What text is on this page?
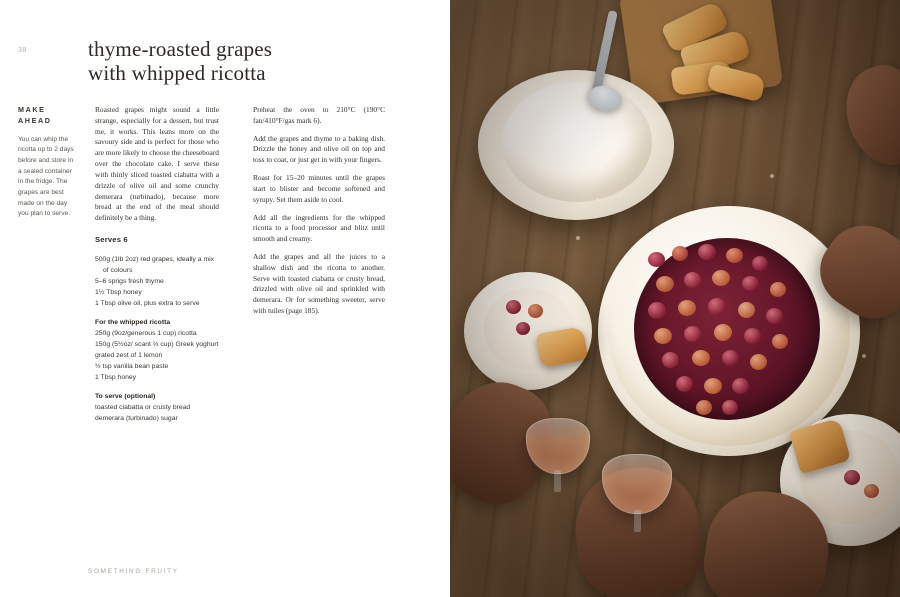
38	thyme-roasted grapes
with whipped ricotta
MAKE
AHEAD
You can whip the ricotta up to 2 days before and store in a sealed container in the fridge. The grapes are best made on the day you plan to serve.

Roasted grapes might sound a little strange, especially for a dessert, but trust me, it works. This leans more on the savoury side and is perfect for those who are more likely to choose the cheeseboard over the chocolate cake. I serve these with thinly sliced toasted ciabatta with a drizzle of olive oil and some crunchy demerara (turbinado), because more bread at the end of the meal should definitely be a thing.

Serves 6
500g (1lb 2oz) red grapes, ideally a mix
of colours
5–6 sprigs fresh thyme
1½ Tbsp honey
1 Tbsp olive oil, plus extra to serve
For the whipped ricotta
250g (9oz/generous 1 cup) ricotta
150g (5½oz/ scant ⅔ cup) Greek yoghurt
grated zest of 1 lemon
½ tsp vanilla bean paste
1 Tbsp honey
To serve (optional)
toasted ciabatta or crusty bread
demerara (turbinado) sugar

Preheat the oven to 210°C (190°C fan/410°F/gas mark 6).

Add the grapes and thyme to a baking dish. Drizzle the honey and olive oil on top and toss to coat, or just get in with your fingers.

Roast for 15–20 minutes until the grapes start to blister and become softened and syrupy. Set them aside to cool.

Add all the ingredients for the whipped ricotta to a food processor and blitz until smooth and creamy.

Add the grapes and all the juices to a shallow dish and the ricotta to another. Serve with toasted ciabatta or crusty bread, drizzled with olive oil and sprinkled with demerara. Or for something sweeter, serve with tuiles (page 185).

SOMETHING FRUITY
